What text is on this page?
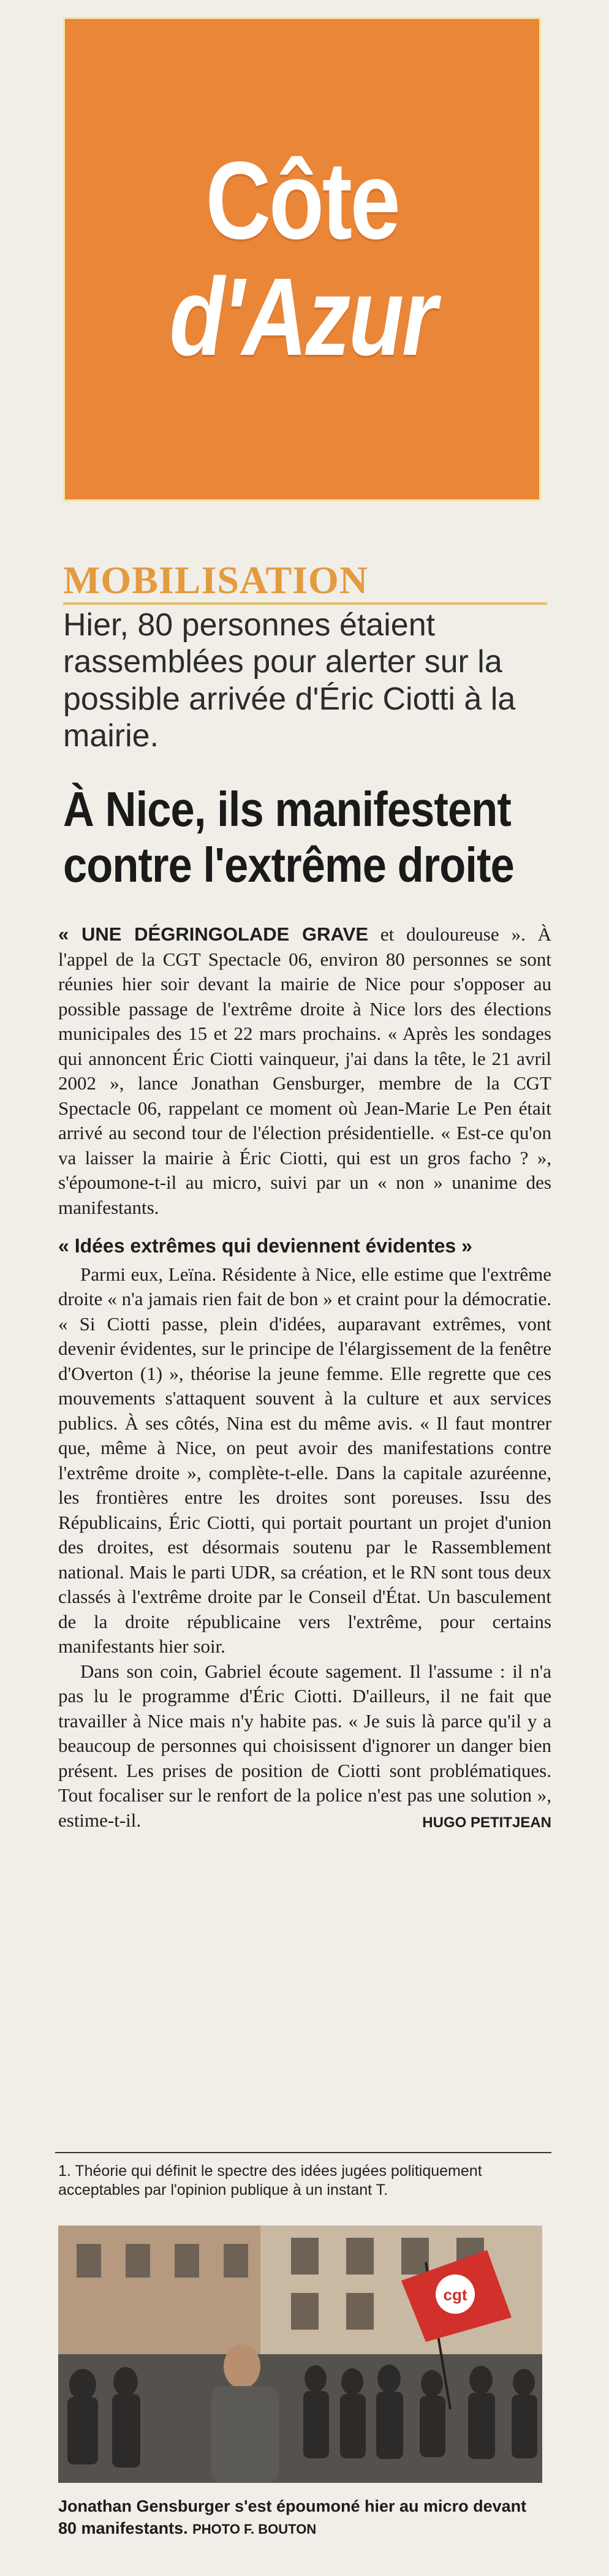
Côte
d'Azur
MOBILISATION
Hier, 80 personnes étaient rassemblées pour alerter sur la possible arrivée d'Éric Ciotti à la mairie.
À Nice, ils manifestent
contre l'extrême droite

« UNE DÉGRINGOLADE GRAVE et douloureuse ». À l'appel de la CGT Spectacle 06, environ 80 personnes se sont réunies hier soir devant la mairie de Nice pour s'opposer au possible passage de l'extrême droite à Nice lors des élections municipales des 15 et 22 mars prochains. « Après les sondages qui annoncent Éric Ciotti vainqueur, j'ai dans la tête, le 21 avril 2002 », lance Jonathan Gensburger, membre de la CGT Spectacle 06, rappelant ce moment où Jean-Marie Le Pen était arrivé au second tour de l'élection présidentielle. « Est-ce qu'on va laisser la mairie à Éric Ciotti, qui est un gros facho ? », s'époumone-t-il au micro, suivi par un « non » unanime des manifestants.

« Idées extrêmes qui deviennent évidentes »

Parmi eux, Leïna. Résidente à Nice, elle estime que l'extrême droite « n'a jamais rien fait de bon » et craint pour la démocratie. « Si Ciotti passe, plein d'idées, auparavant extrêmes, vont devenir évidentes, sur le principe de l'élargissement de la fenêtre d'Overton (1) », théorise la jeune femme. Elle regrette que ces mouvements s'attaquent souvent à la culture et aux services publics. À ses côtés, Nina est du même avis. « Il faut montrer que, même à Nice, on peut avoir des manifestations contre l'extrême droite », complète-t-elle. Dans la capitale azuréenne, les frontières entre les droites sont poreuses. Issu des Républicains, Éric Ciotti, qui portait pourtant un projet d'union des droites, est désormais soutenu par le Rassemblement national. Mais le parti UDR, sa création, et le RN sont tous deux classés à l'extrême droite par le Conseil d'État. Un basculement de la droite républicaine vers l'extrême, pour certains manifestants hier soir.

Dans son coin, Gabriel écoute sagement. Il l'assume : il n'a pas lu le programme d'Éric Ciotti. D'ailleurs, il ne fait que travailler à Nice mais n'y habite pas. « Je suis là parce qu'il y a beaucoup de personnes qui choisissent d'ignorer un danger bien présent. Les prises de position de Ciotti sont problématiques. Tout focaliser sur le renfort de la police n'est pas une solution », estime-t-il.	HUGO PETITJEAN

1. Théorie qui définit le spectre des idées jugées politiquement acceptables par l'opinion publique à un instant T.
cgt
Jonathan Gensburger s'est époumoné hier au micro devant 80 manifestants. PHOTO F. BOUTON
